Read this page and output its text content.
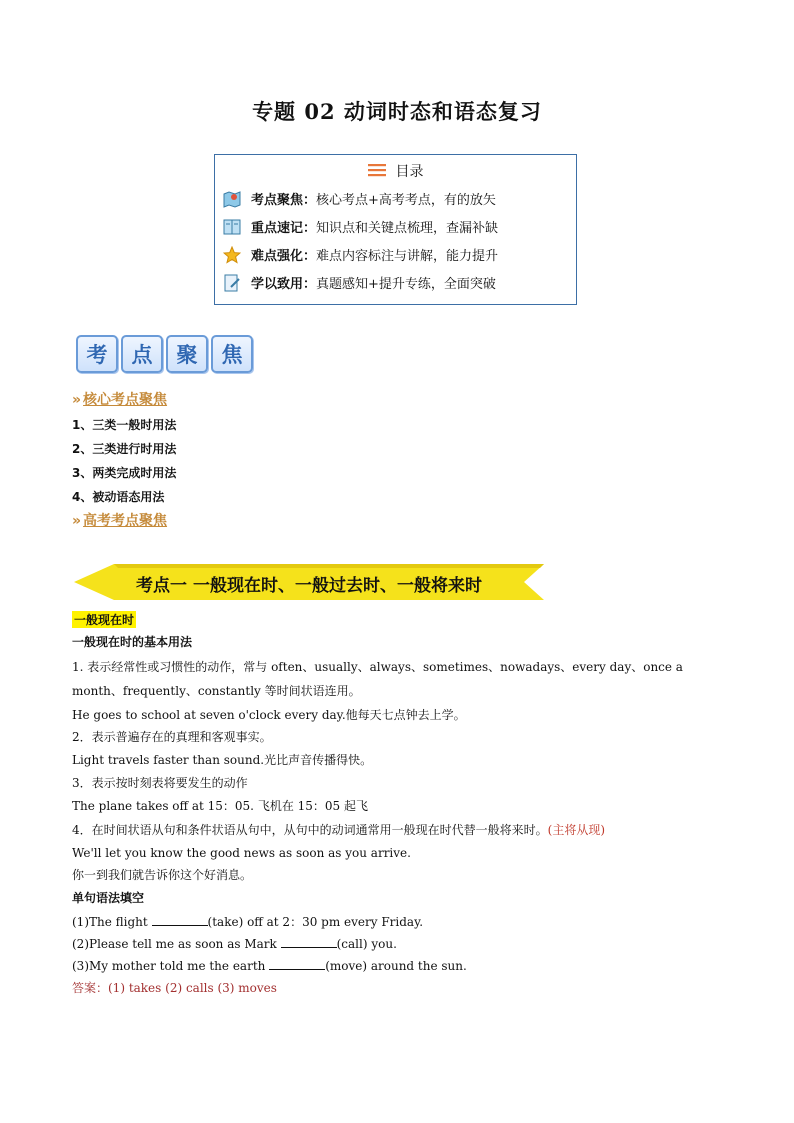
专题 02 动词时态和语态复习
目录
考点聚焦： 核心考点+高考考点，有的放矢
重点速记： 知识点和关键点梳理，查漏补缺
难点强化： 难点内容标注与讲解，能力提升
学以致用： 真题感知+提升专练，全面突破
考	点	聚	焦
» 核心考点聚焦
1、三类一般时用法
2、三类进行时用法
3、两类完成时用法
4、被动语态用法
» 高考考点聚焦
考点一 一般现在时、一般过去时、一般将来时
一般现在时
一般现在时的基本用法
1. 表示经常性或习惯性的动作，常与 often、usually、always、sometimes、nowadays、every day、once a
month、frequently、constantly 等时间状语连用。
He goes to school at seven o'clock every day.他每天七点钟去上学。
2．表示普遍存在的真理和客观事实。
Light travels faster than sound.光比声音传播得快。
3．表示按时刻表将要发生的动作
The plane takes off at 15：05. 飞机在 15：05 起飞
4．在时间状语从句和条件状语从句中，从句中的动词通常用一般现在时代替一般将来时。(主将从现)
We'll let you know the good news as soon as you arrive.
你一到我们就告诉你这个好消息。
单句语法填空
(1)The flight	(take) off at 2：30 pm every Friday.
(2)Please tell me as soon as Mark	(call) you.
(3)My mother told me the earth	(move) around the sun.
答案：(1) takes (2) calls (3) moves
